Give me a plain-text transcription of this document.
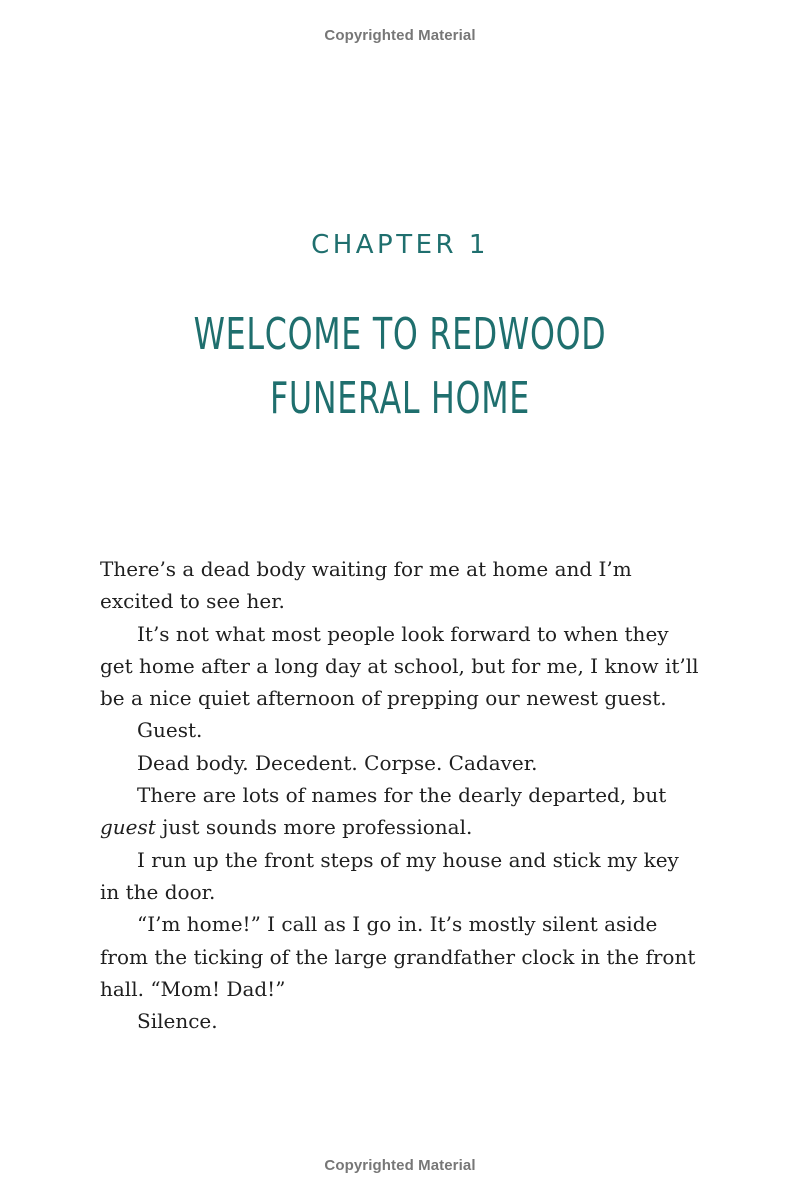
Copyrighted Material
CHAPTER 1
WELCOME TO REDWOOD
FUNERAL HOME

There’s a dead body waiting for me at home and I’m excited to see her.

It’s not what most people look forward to when they get home after a long day at school, but for me, I know it’ll be a nice quiet afternoon of prepping our newest guest.

Guest.

Dead body. Decedent. Corpse. Cadaver.

There are lots of names for the dearly departed, but guest just sounds more professional.

I run up the front steps of my house and stick my key in the door.

“I’m home!” I call as I go in. It’s mostly silent aside from the ticking of the large grandfather clock in the front hall. “Mom! Dad!”

Silence.

Copyrighted Material
